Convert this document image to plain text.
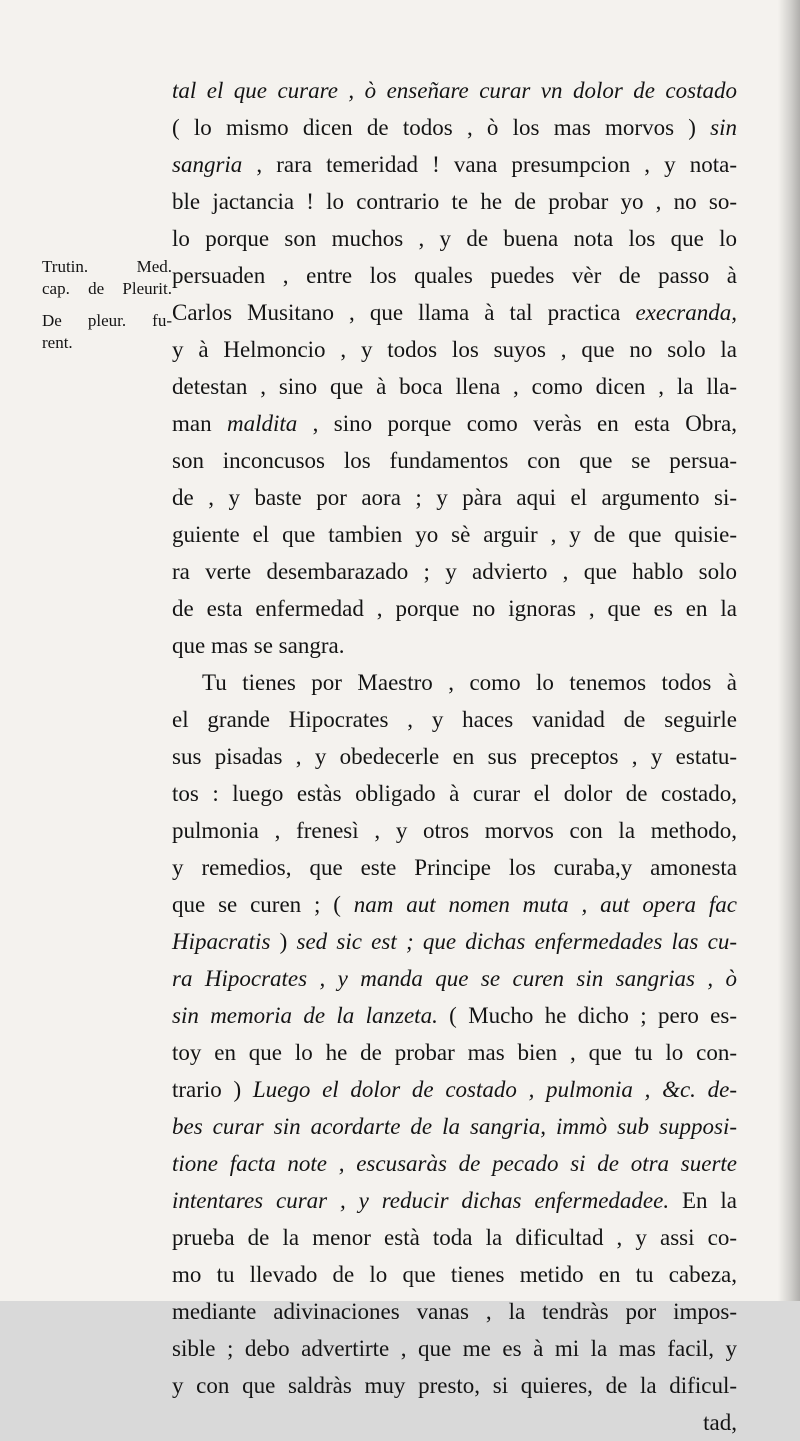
Trutin. Med.
cap. de Pleurit.
De pleur. fu-
rent.
tal el que curare , ò enseñare curar vn dolor de costado
( lo mismo dicen de todos , ò los mas morvos ) sin
sangria , rara temeridad ! vana presumpcion , y nota-
ble jactancia ! lo contrario te he de probar yo , no so-
lo porque son muchos , y de buena nota los que lo
persuaden , entre los quales puedes vèr de passo à
Carlos Musitano , que llama à tal practica execranda,
y à Helmoncio , y todos los suyos , que no solo la
detestan , sino que à boca llena , como dicen , la lla-
man maldita , sino porque como veràs en esta Obra,
son inconcusos los fundamentos con que se persua-
de , y baste por aora ; y pàra aqui el argumento si-
guiente el que tambien yo sè arguir , y de que quisie-
ra verte desembarazado ; y advierto , que hablo solo
de esta enfermedad , porque no ignoras , que es en la
que mas se sangra.
Tu tienes por Maestro , como lo tenemos todos à
el grande Hipocrates , y haces vanidad de seguirle
sus pisadas , y obedecerle en sus preceptos , y estatu-
tos : luego estàs obligado à curar el dolor de costado,
pulmonia , frenesì , y otros morvos con la methodo,
y remedios, que este Principe los curaba,y amonesta
que se curen ; ( nam aut nomen muta , aut opera fac
Hipacratis ) sed sic est ; que dichas enfermedades las cu-
ra Hipocrates , y manda que se curen sin sangrias , ò
sin memoria de la lanzeta. ( Mucho he dicho ; pero es-
toy en que lo he de probar mas bien , que tu lo con-
trario ) Luego el dolor de costado , pulmonia , &c. de-
bes curar sin acordarte de la sangria, immò sub supposi-
tione facta note , escusaràs de pecado si de otra suerte
intentares curar , y reducir dichas enfermedadee. En la
prueba de la menor està toda la dificultad , y assi co-
mo tu llevado de lo que tienes metido en tu cabeza,
mediante adivinaciones vanas , la tendràs por impos-
sible ; debo advertirte , que me es à mi la mas facil, y
y con que saldràs muy presto, si quieres, de la dificul-
tad,
